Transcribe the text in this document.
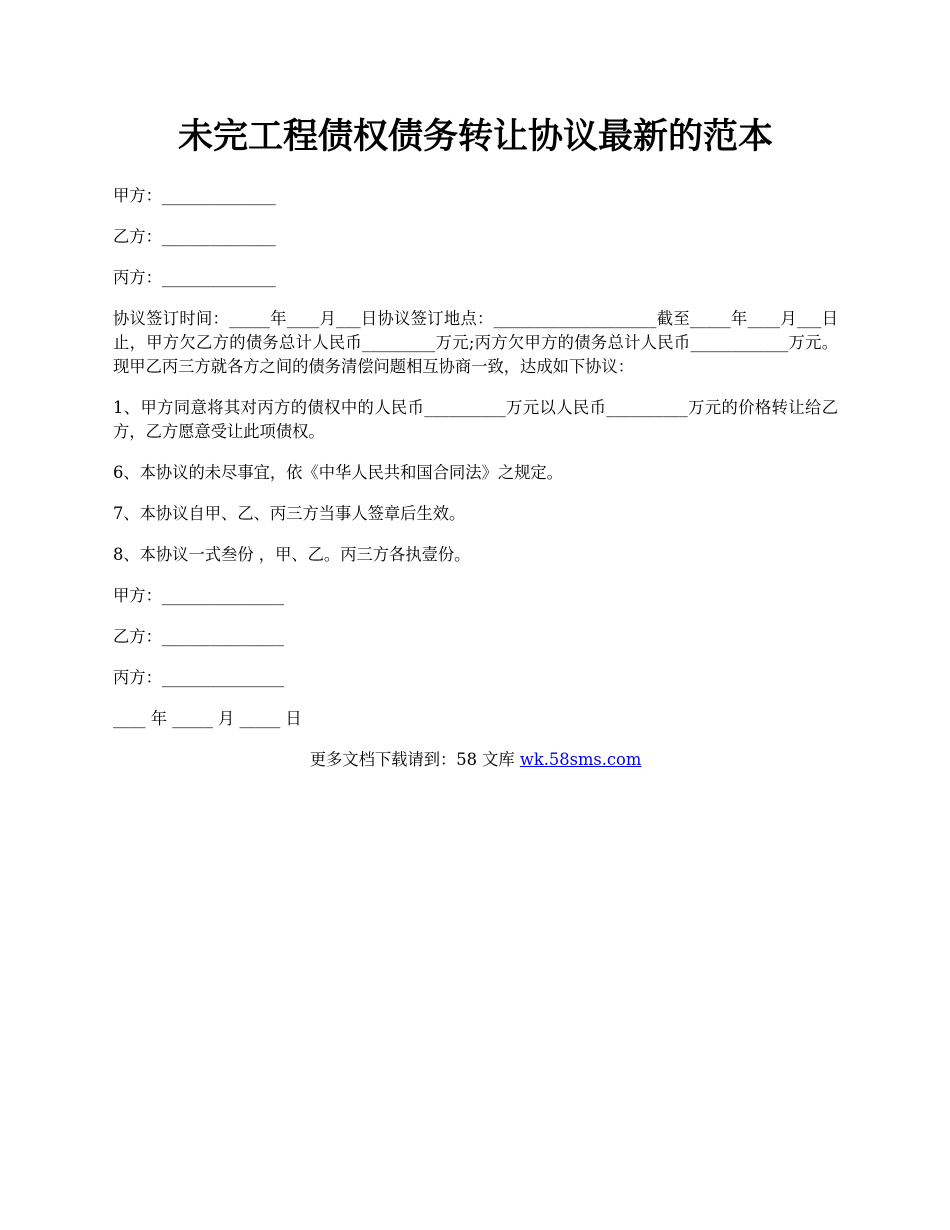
未完工程债权债务转让协议最新的范本

甲方：______________

乙方：______________

丙方：______________

协议签订时间：_____年____月___日协议签订地点：____________________截至_____年____月___日止，甲方欠乙方的债务总计人民币_________万元;丙方欠甲方的债务总计人民币____________万元。现甲乙丙三方就各方之间的债务清偿问题相互协商一致，达成如下协议：

1、甲方同意将其对丙方的债权中的人民币__________万元以人民币__________万元的价格转让给乙方，乙方愿意受让此项债权。

6、本协议的未尽事宜，依《中华人民共和国合同法》之规定。

7、本协议自甲、乙、丙三方当事人签章后生效。

8、本协议一式叁份 ，甲、乙。丙三方各执壹份。

甲方：_______________

乙方：_______________

丙方：_______________

____ 年 _____ 月 _____ 日

更多文档下载请到：58 文库 wk.58sms.com
